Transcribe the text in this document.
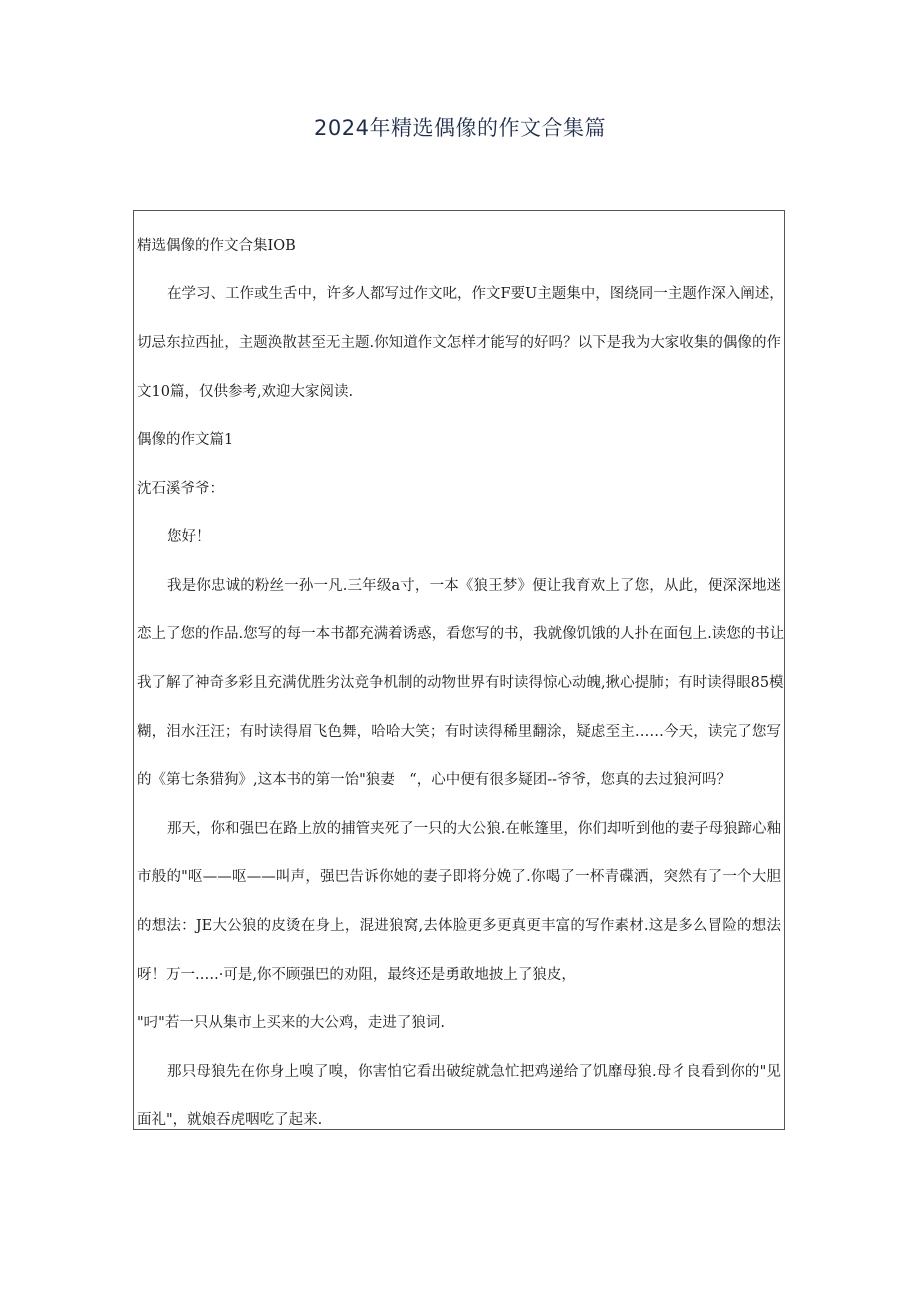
2024年精选偶像的作文合集篇
精选偶像的作文合集IOB
在学习、工作或生舌中，许多人都写过作文叱，作文F要U主题集中，图绕同一主题作深入阐述，
切忌东拉西扯，主题涣散甚至无主题.你知道作文怎样才能写的好吗？以下是我为大家收集的偶像的作
文10篇，仅供参考,欢迎大家阅读.
偶像的作文篇1
沈石溪爷爷：
您好！
我是你忠诚的粉丝一孙一凡.三年级a寸，一本《狼王梦》便让我育欢上了您，从此，便深深地迷
恋上了您的作品.您写的每一本书都充满着诱惑，看您写的书，我就像饥饿的人扑在面包上.读您的书让
我了解了神奇多彩且充满优胜劣汰竞争机制的动物世界有时读得惊心动魄,揪心提肺；有时读得眼85模
糊，泪水汪汪；有时读得眉飞色舞，哈哈大笑；有时读得稀里翻涂，疑虑至主……今天，读完了您写
的《第七条猎狗》,这本书的第一饴"狼妻　“，心中便有很多疑团--爷爷，您真的去过狼河吗？
那天，你和强巴在路上放的捕管夹死了一只的大公狼.在帐篷里，你们却听到他的妻子母狼蹄心釉
市般的"呕——呕——叫声，强巴告诉你她的妻子即将分娩了.你喝了一杯青碟洒，突然有了一个大胆
的想法：JE大公狼的皮烫在身上，混进狼窝,去体脸更多更真更丰富的写作素材.这是多么冒险的想法
呀！万一.….·可是,你不顾强巴的劝阻，最终还是勇敢地披上了狼皮，
"叼"若一只从集市上买来的大公鸡，走进了狼词.
那只母狼先在你身上嗅了嗅，你害怕它看出破绽就急忙把鸡递给了饥靡母狼.母彳良看到你的"见
面礼"，就娘吞虎咽吃了起来.
